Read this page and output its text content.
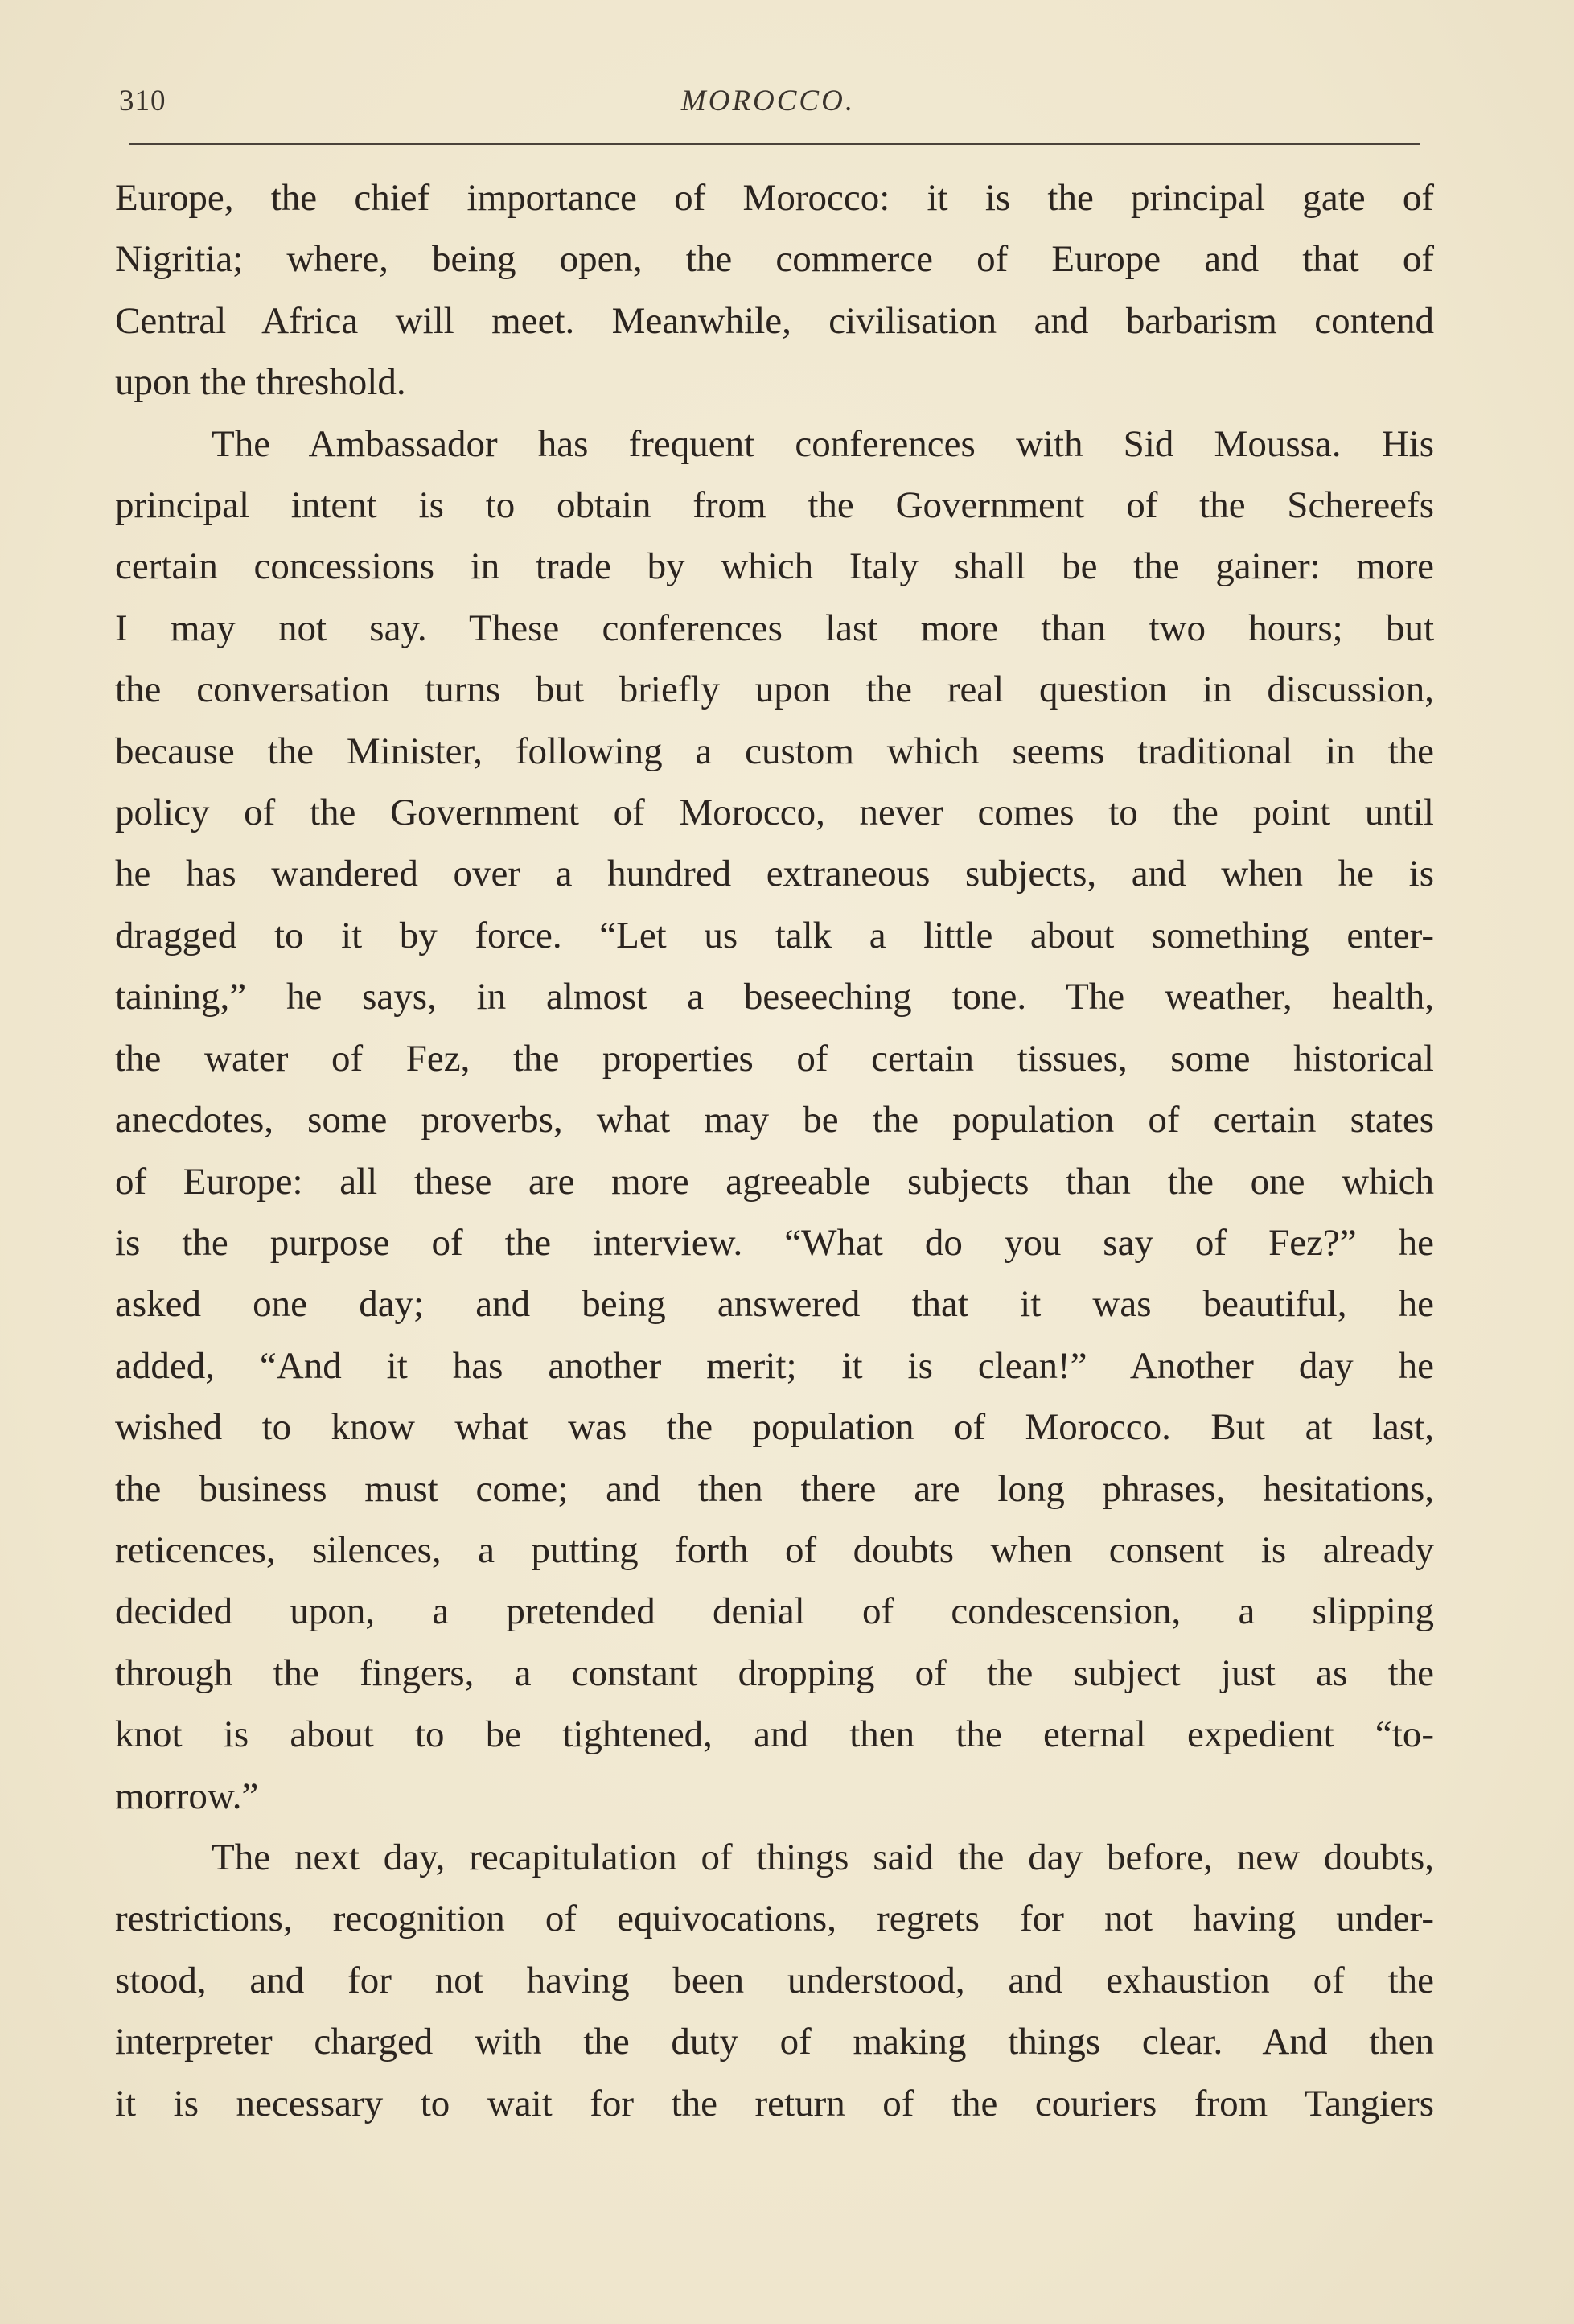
310	MOROCCO.

Europe, the chief importance of Morocco: it is the principal gate of
Nigritia; where, being open, the commerce of Europe and that of
Central Africa will meet. Meanwhile, civilisation and barbarism contend
upon the threshold.

The Ambassador has frequent conferences with Sid Moussa. His
principal intent is to obtain from the Government of the Schereefs
certain concessions in trade by which Italy shall be the gainer: more
I may not say. These conferences last more than two hours; but
the conversation turns but briefly upon the real question in discussion,
because the Minister, following a custom which seems traditional in the
policy of the Government of Morocco, never comes to the point until
he has wandered over a hundred extraneous subjects, and when he is
dragged to it by force. “Let us talk a little about something enter-
taining,” he says, in almost a beseeching tone. The weather, health,
the water of Fez, the properties of certain tissues, some historical
anecdotes, some proverbs, what may be the population of certain states
of Europe: all these are more agreeable subjects than the one which
is the purpose of the interview. “What do you say of Fez?” he
asked one day; and being answered that it was beautiful, he
added, “And it has another merit; it is clean!” Another day he
wished to know what was the population of Morocco. But at last,
the business must come; and then there are long phrases, hesitations,
reticences, silences, a putting forth of doubts when consent is already
decided upon, a pretended denial of condescension, a slipping
through the fingers, a constant dropping of the subject just as the
knot is about to be tightened, and then the eternal expedient “to-
morrow.”

The next day, recapitulation of things said the day before, new doubts,
restrictions, recognition of equivocations, regrets for not having under-
stood, and for not having been understood, and exhaustion of the
interpreter charged with the duty of making things clear. And then
it is necessary to wait for the return of the couriers from Tangiers
